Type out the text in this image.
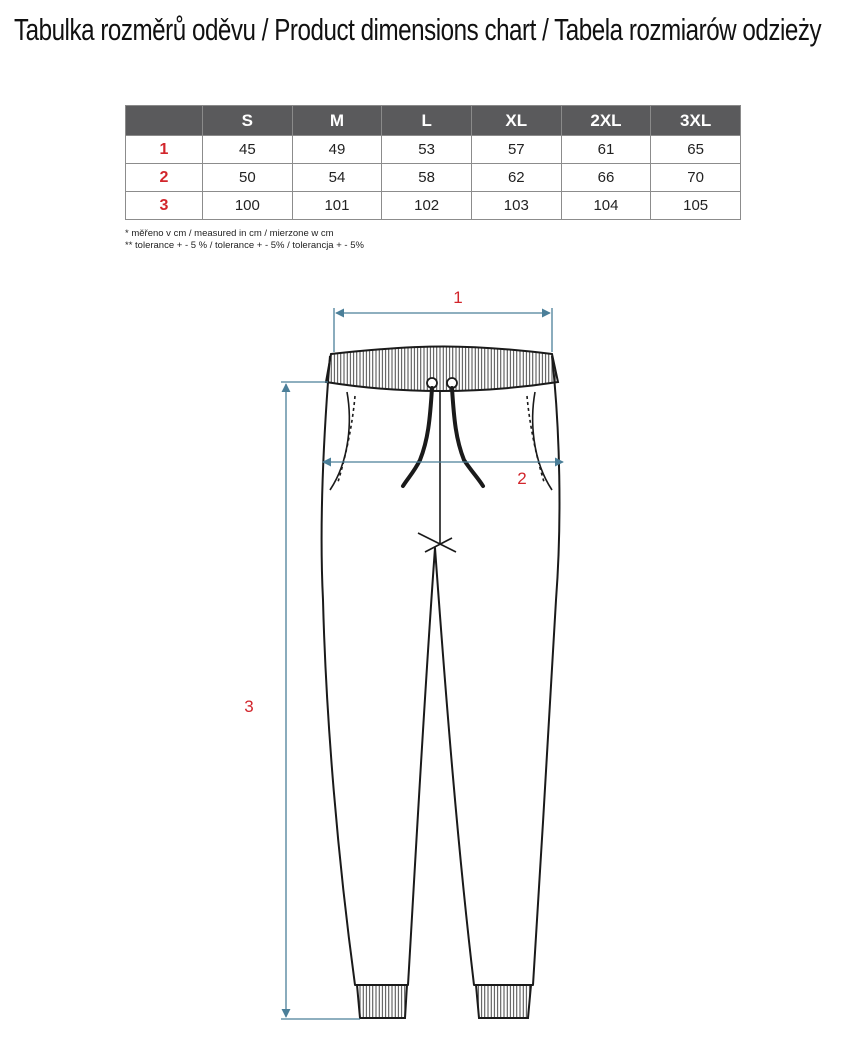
Tabulka rozměrů oděvu / Product dimensions chart / Tabela rozmiarów odzieży
	S	M	L	XL	2XL	3XL
1	45	49	53	57	61	65
2	50	54	58	62	66	70
3	100	101	102	103	104	105
* měřeno v cm / measured in cm / mierzone w cm
** tolerance + - 5 % / tolerance + - 5% / tolerancja + - 5%
1
2
3
